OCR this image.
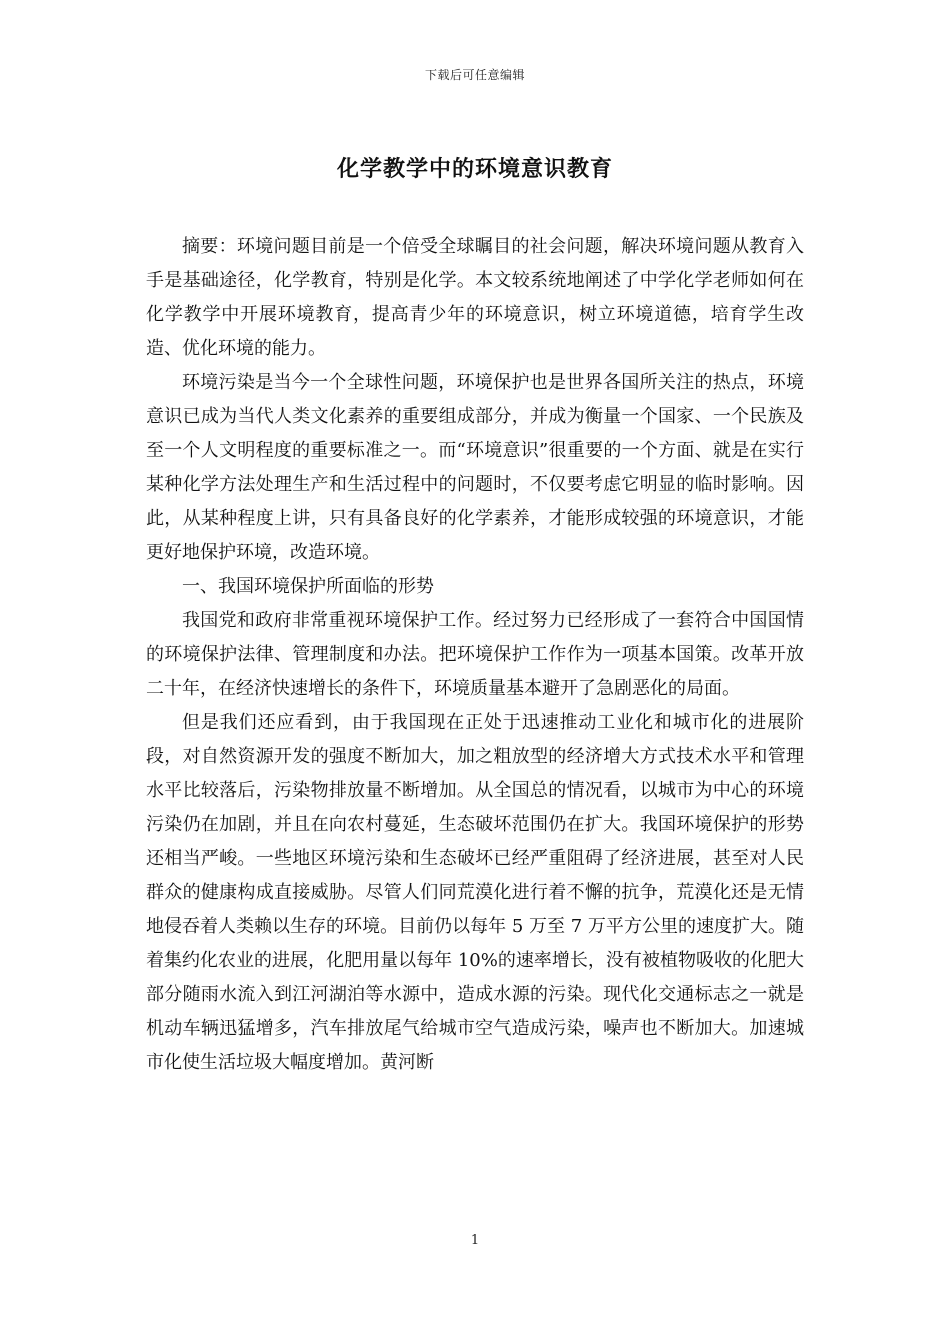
下载后可任意编辑
化学教学中的环境意识教育

摘要：环境问题目前是一个倍受全球瞩目的社会问题，解决环境问题从教育入手是基础途径，化学教育，特别是化学。本文较系统地阐述了中学化学老师如何在化学教学中开展环境教育，提高青少年的环境意识，树立环境道德，培育学生改造、优化环境的能力。

环境污染是当今一个全球性问题，环境保护也是世界各国所关注的热点，环境意识已成为当代人类文化素养的重要组成部分，并成为衡量一个国家、一个民族及至一个人文明程度的重要标准之一。而“环境意识”很重要的一个方面、就是在实行某种化学方法处理生产和生活过程中的问题时，不仅要考虑它明显的临时影响。因此，从某种程度上讲，只有具备良好的化学素养，才能形成较强的环境意识，才能更好地保护环境，改造环境。

一、我国环境保护所面临的形势

我国党和政府非常重视环境保护工作。经过努力已经形成了一套符合中国国情的环境保护法律、管理制度和办法。把环境保护工作作为一项基本国策。改革开放二十年，在经济快速增长的条件下，环境质量基本避开了急剧恶化的局面。

但是我们还应看到，由于我国现在正处于迅速推动工业化和城市化的进展阶段，对自然资源开发的强度不断加大，加之粗放型的经济增大方式技术水平和管理水平比较落后，污染物排放量不断增加。从全国总的情况看，以城市为中心的环境污染仍在加剧，并且在向农村蔓延，生态破坏范围仍在扩大。我国环境保护的形势还相当严峻。一些地区环境污染和生态破坏已经严重阻碍了经济进展，甚至对人民群众的健康构成直接威胁。尽管人们同荒漠化进行着不懈的抗争，荒漠化还是无情地侵吞着人类赖以生存的环境。目前仍以每年 5 万至 7 万平方公里的速度扩大。随着集约化农业的进展，化肥用量以每年 10%的速率增长，没有被植物吸收的化肥大部分随雨水流入到江河湖泊等水源中，造成水源的污染。现代化交通标志之一就是机动车辆迅猛增多，汽车排放尾气给城市空气造成污染，噪声也不断加大。加速城市化使生活垃圾大幅度增加。黄河断

1
